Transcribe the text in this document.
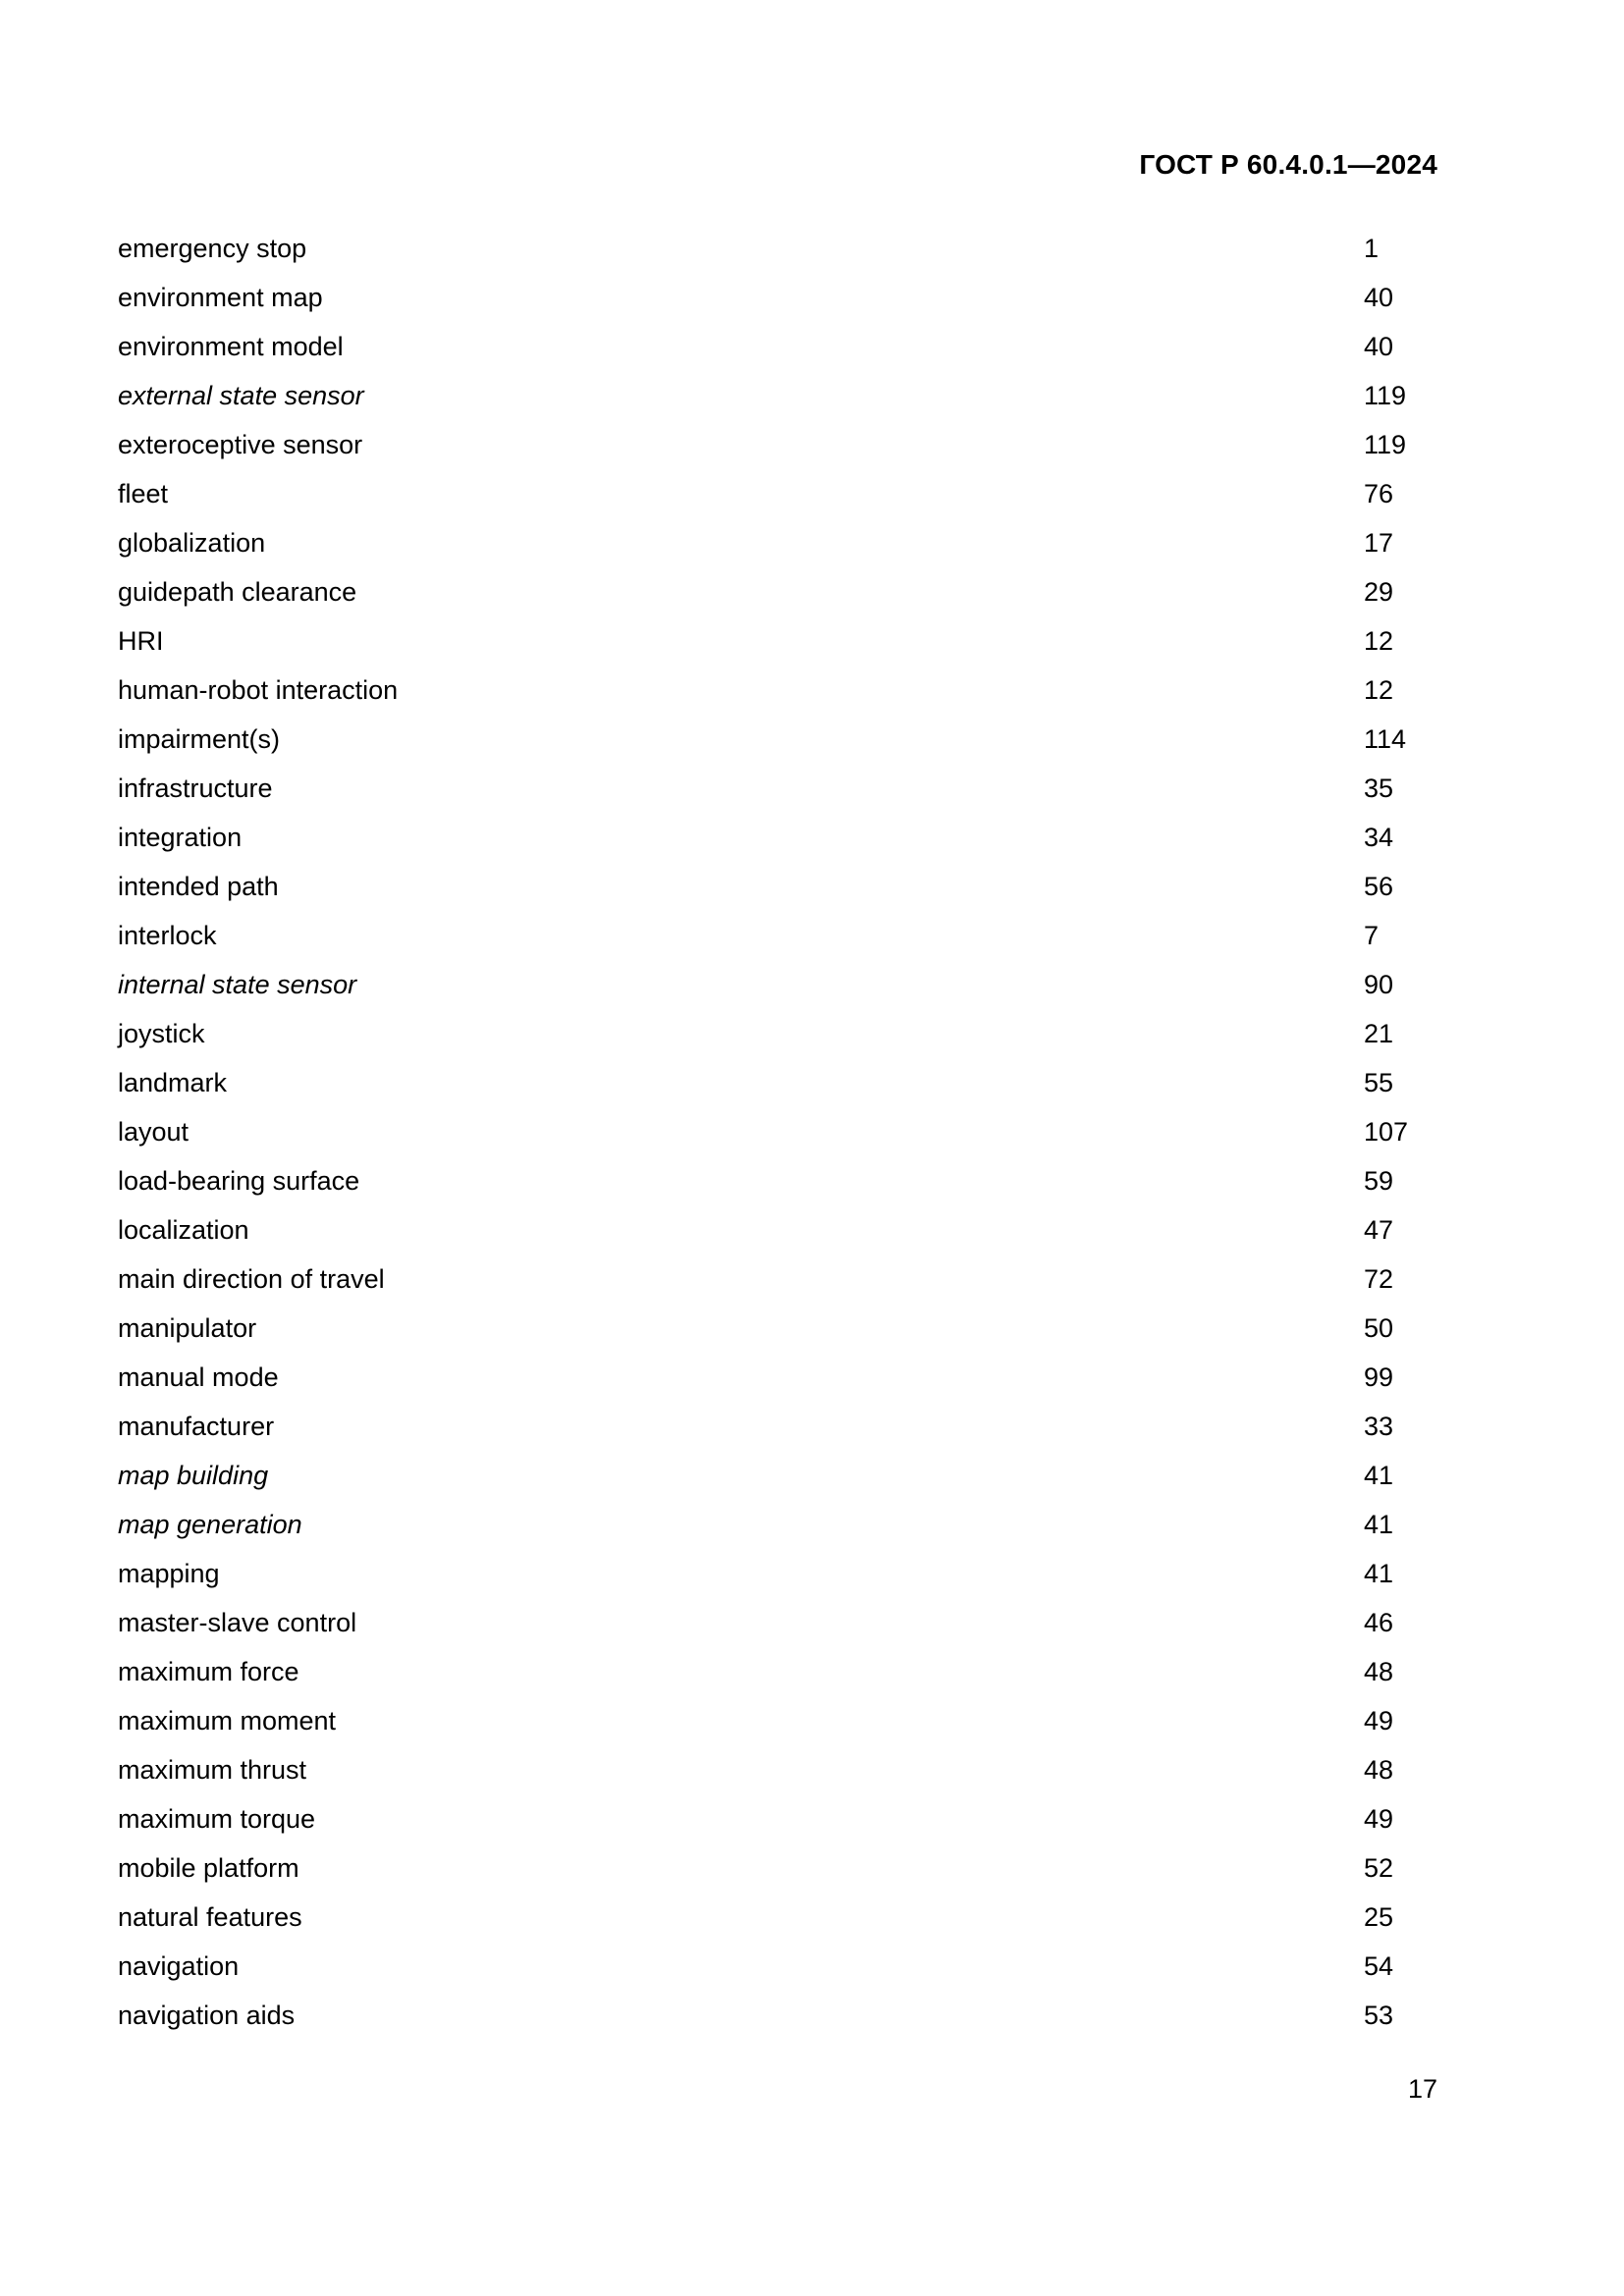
ГОСТ Р 60.4.0.1—2024
emergency stop	1
environment map	40
environment model	40
external state sensor	119
exteroceptive sensor	119
fleet	76
globalization	17
guidepath clearance	29
HRI	12
human-robot interaction	12
impairment(s)	114
infrastructure	35
integration	34
intended path	56
interlock	7
internal state sensor	90
joystick	21
landmark	55
layout	107
load-bearing surface	59
localization	47
main direction of travel	72
manipulator	50
manual mode	99
manufacturer	33
map building	41
map generation	41
mapping	41
master-slave control	46
maximum force	48
maximum moment	49
maximum thrust	48
maximum torque	49
mobile platform	52
natural features	25
navigation	54
navigation aids	53
17
